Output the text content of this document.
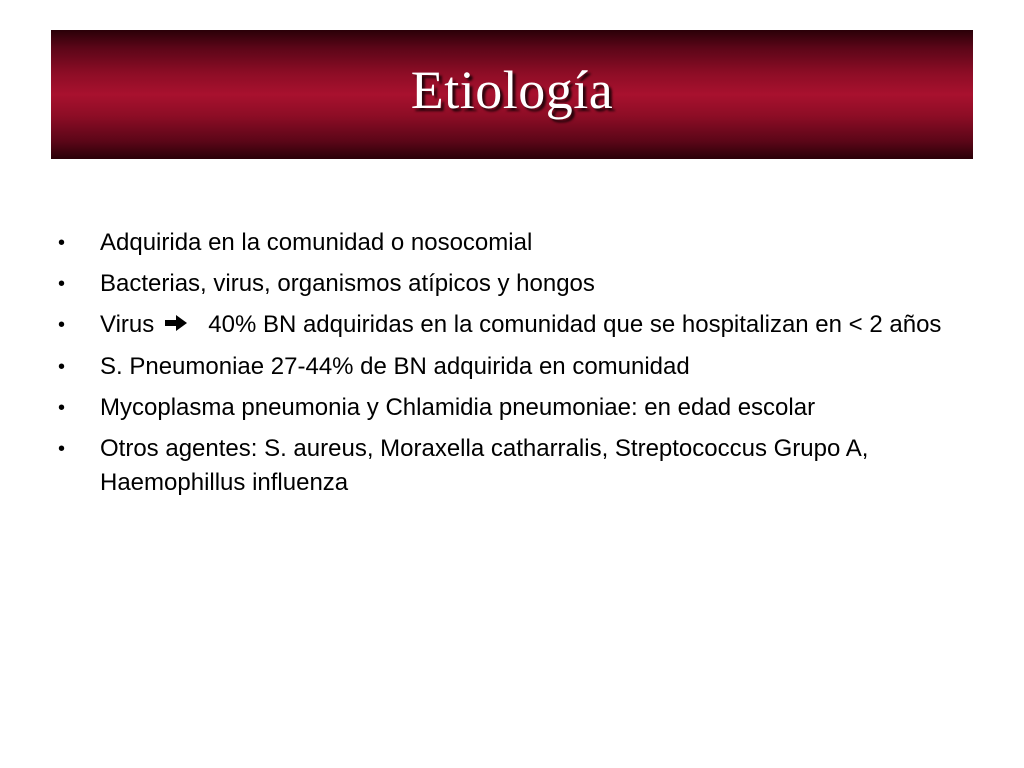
Etiología
• Adquirida en la comunidad o nosocomial
• Bacterias, virus, organismos atípicos y hongos
• Virus 40% BN adquiridas en la comunidad que se hospitalizan en < 2 años
• S. Pneumoniae 27-44% de BN adquirida en comunidad
• Mycoplasma pneumonia y Chlamidia pneumoniae: en edad escolar
• Otros agentes: S. aureus, Moraxella catharralis, Streptococcus Grupo A, Haemophillus influenza
